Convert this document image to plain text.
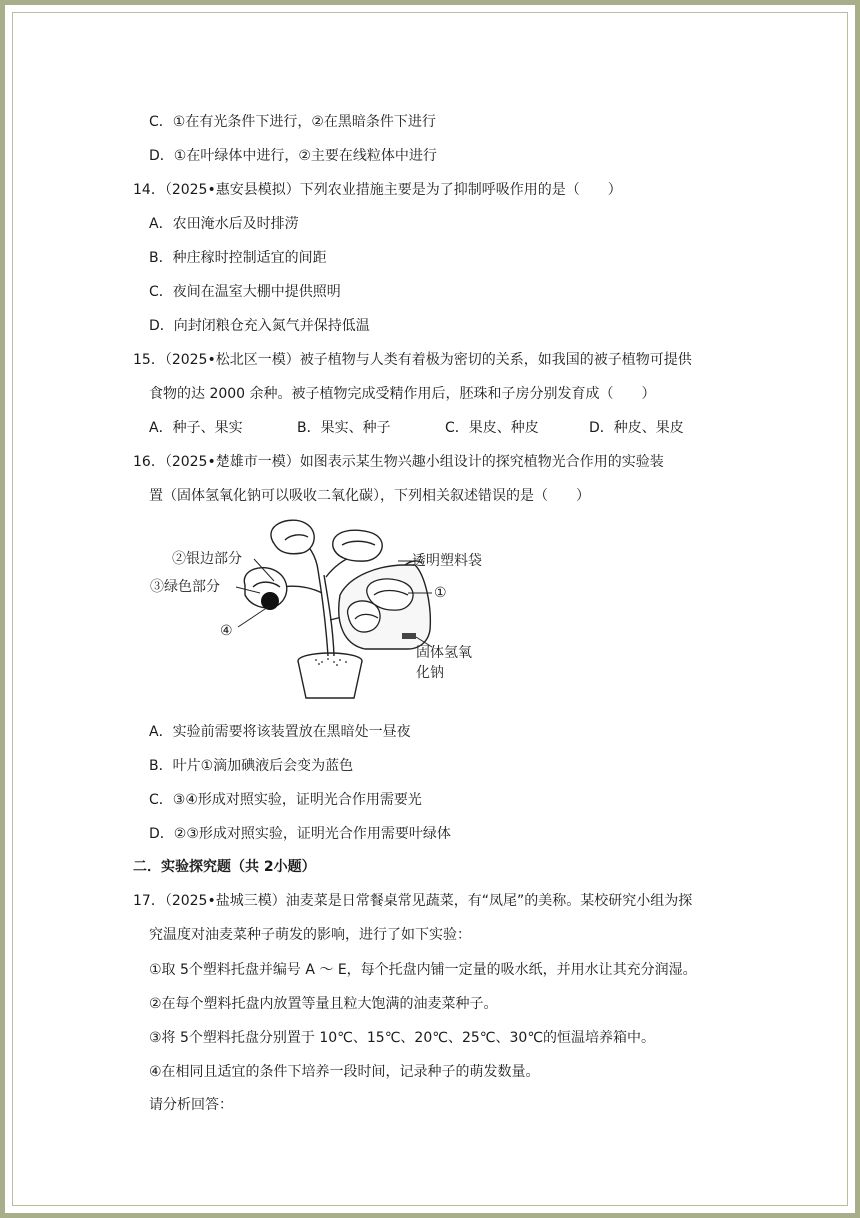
C．①在有光条件下进行，②在黑暗条件下进行
D．①在叶绿体中进行，②主要在线粒体中进行
14．（2025•惠安县模拟）下列农业措施主要是为了抑制呼吸作用的是（　　）
A．农田淹水后及时排涝
B．种庄稼时控制适宜的间距
C．夜间在温室大棚中提供照明
D．向封闭粮仓充入氮气并保持低温
15．（2025•松北区一模）被子植物与人类有着极为密切的关系，如我国的被子植物可提供
食物的达 2000 余种。被子植物完成受精作用后，胚珠和子房分别发育成（　　）
A．种子、果实	B．果实、种子	C．果皮、种皮	D．种皮、果皮
16．（2025•楚雄市一模）如图表示某生物兴趣小组设计的探究植物光合作用的实验装
置（固体氢氧化钠可以吸收二氧化碳），下列相关叙述错误的是（　　）
②银边部分
③绿色部分
④
透明塑料袋
①
固体氢氧
化钠
A．实验前需要将该装置放在黑暗处一昼夜
B．叶片①滴加碘液后会变为蓝色
C．③④形成对照实验，证明光合作用需要光
D．②③形成对照实验，证明光合作用需要叶绿体
二．实验探究题（共 2小题）
17．（2025•盐城三模）油麦菜是日常餐桌常见蔬菜，有“凤尾”的美称。某校研究小组为探
究温度对油麦菜种子萌发的影响，进行了如下实验：
①取 5个塑料托盘并编号 A ～ E，每个托盘内铺一定量的吸水纸，并用水让其充分润湿。
②在每个塑料托盘内放置等量且粒大饱满的油麦菜种子。
③将 5个塑料托盘分别置于 10℃、15℃、20℃、25℃、30℃的恒温培养箱中。
④在相同且适宜的条件下培养一段时间，记录种子的萌发数量。
请分析回答：
